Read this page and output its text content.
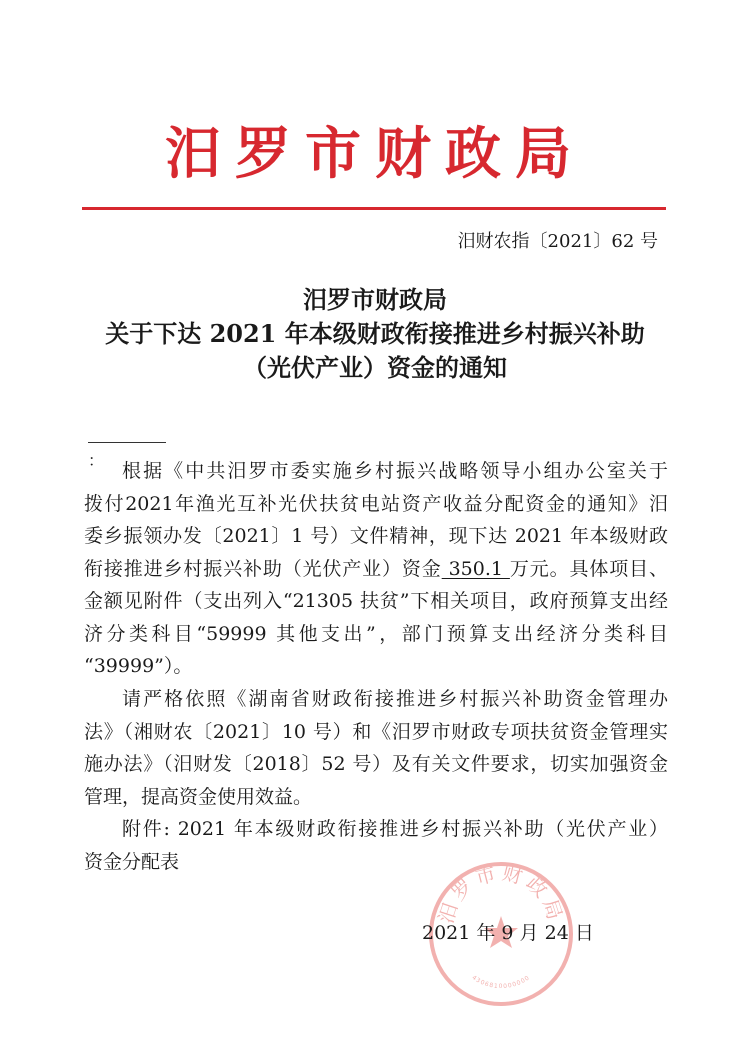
汨罗市财政局
汨财农指〔2021〕62 号
汨罗市财政局
关于下达 2021 年本级财政衔接推进乡村振兴补助
（光伏产业）资金的通知
： 根据《中共汨罗市委实施乡村振兴战略领导小组办公室关于
拨付2021年渔光互补光伏扶贫电站资产收益分配资金的通知》汨
委乡振领办发〔2021〕1 号）文件精神，现下达 2021 年本级财政
衔接推进乡村振兴补助（光伏产业）资金 350.1 万元。具体项目、
金额见附件（支出列入“21305 扶贫”下相关项目，政府预算支出经
济分类科目“59999 其他支出”，部门预算支出经济分类科目
“39999”）。
请严格依照《湖南省财政衔接推进乡村振兴补助资金管理办
法》（湘财农〔2021〕10 号）和《汨罗市财政专项扶贫资金管理实
施办法》（汨财发〔2018〕52 号）及有关文件要求，切实加强资金
管理，提高资金使用效益。
附件: 2021 年本级财政衔接推进乡村振兴补助（光伏产业）
资金分配表
汨罗市财政局
4306810000000
2021 年 9 月 24 日
